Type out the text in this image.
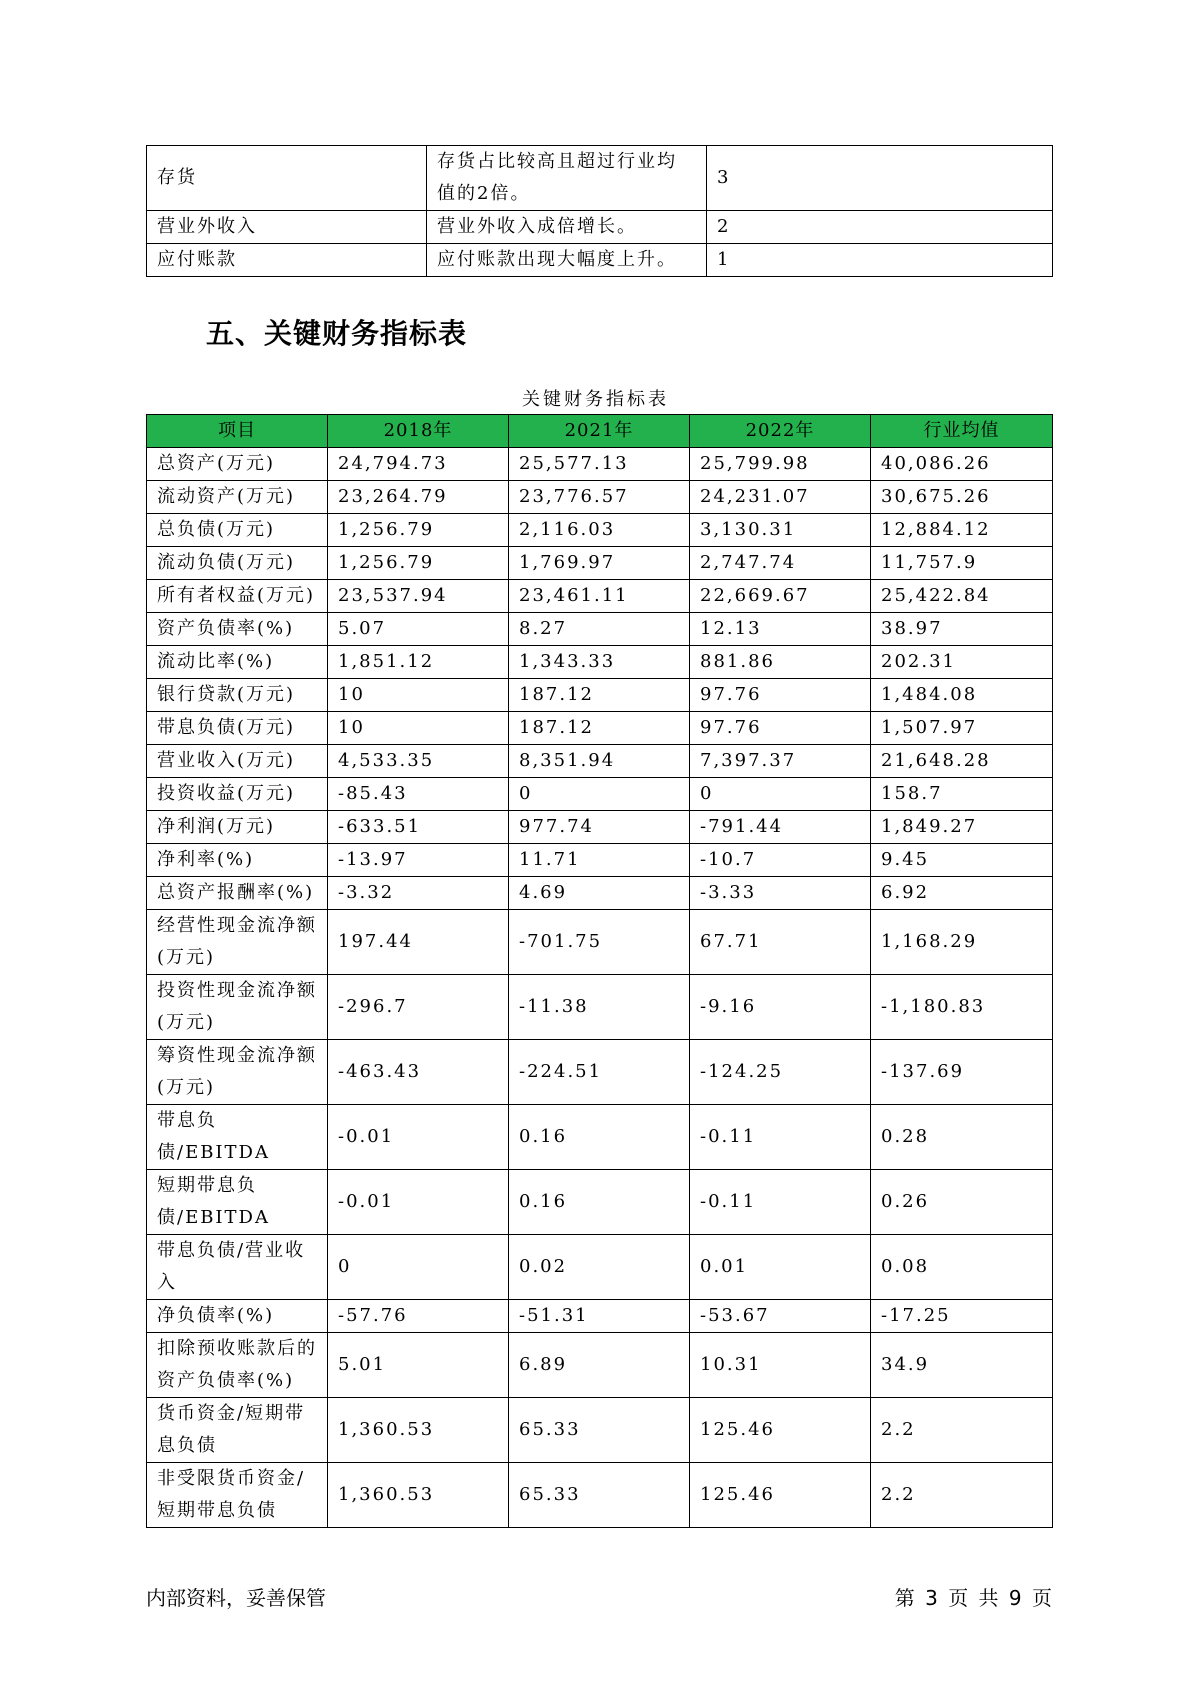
存货	存货占比较高且超过行业均值的2倍。	3
营业外收入	营业外收入成倍增长。	2
应付账款	应付账款出现大幅度上升。	1
五、关键财务指标表
关键财务指标表
项目	2018年	2021年	2022年	行业均值
总资产(万元)	24,794.73	25,577.13	25,799.98	40,086.26
流动资产(万元)	23,264.79	23,776.57	24,231.07	30,675.26
总负债(万元)	1,256.79	2,116.03	3,130.31	12,884.12
流动负债(万元)	1,256.79	1,769.97	2,747.74	11,757.9
所有者权益(万元)	23,537.94	23,461.11	22,669.67	25,422.84
资产负债率(%)	5.07	8.27	12.13	38.97
流动比率(%)	1,851.12	1,343.33	881.86	202.31
银行贷款(万元)	10	187.12	97.76	1,484.08
带息负债(万元)	10	187.12	97.76	1,507.97
营业收入(万元)	4,533.35	8,351.94	7,397.37	21,648.28
投资收益(万元)	-85.43	0	0	158.7
净利润(万元)	-633.51	977.74	-791.44	1,849.27
净利率(%)	-13.97	11.71	-10.7	9.45
总资产报酬率(%)	-3.32	4.69	-3.33	6.92
经营性现金流净额(万元)	197.44	-701.75	67.71	1,168.29
投资性现金流净额(万元)	-296.7	-11.38	-9.16	-1,180.83
筹资性现金流净额(万元)	-463.43	-224.51	-124.25	-137.69
带息负债/EBITDA	-0.01	0.16	-0.11	0.28
短期带息负债/EBITDA	-0.01	0.16	-0.11	0.26
带息负债/营业收入	0	0.02	0.01	0.08
净负债率(%)	-57.76	-51.31	-53.67	-17.25
扣除预收账款后的资产负债率(%)	5.01	6.89	10.31	34.9
货币资金/短期带息负债	1,360.53	65.33	125.46	2.2
非受限货币资金/短期带息负债	1,360.53	65.33	125.46	2.2
内部资料，妥善保管	第 3 页 共 9 页
